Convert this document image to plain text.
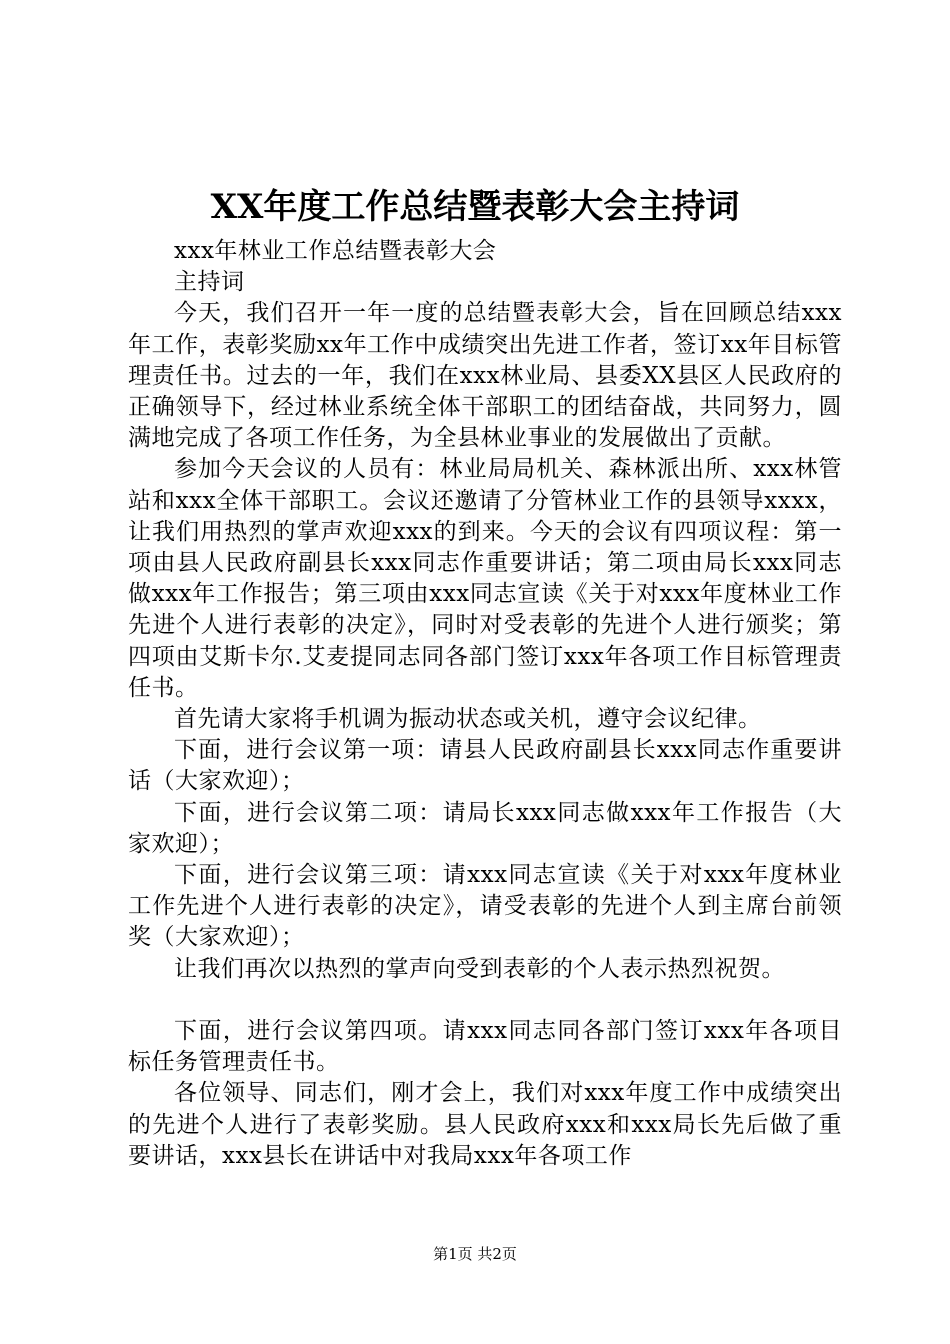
XX年度工作总结暨表彰大会主持词

xxx年林业工作总结暨表彰大会

主持词

今天，我们召开一年一度的总结暨表彰大会，旨在回顾总结xxx年工作，表彰奖励xx年工作中成绩突出先进工作者，签订xx年目标管理责任书。过去的一年，我们在xxx林业局、县委XX县区人民政府的正确领导下，经过林业系统全体干部职工的团结奋战，共同努力，圆满地完成了各项工作任务，为全县林业事业的发展做出了贡献。

参加今天会议的人员有：林业局局机关、森林派出所、xxx林管站和xxx全体干部职工。会议还邀请了分管林业工作的县领导xxxx，让我们用热烈的掌声欢迎xxx的到来。今天的会议有四项议程：第一项由县人民政府副县长xxx同志作重要讲话；第二项由局长xxx同志做xxx年工作报告；第三项由xxx同志宣读《关于对xxx年度林业工作先进个人进行表彰的决定》，同时对受表彰的先进个人进行颁奖；第四项由艾斯卡尔.艾麦提同志同各部门签订xxx年各项工作目标管理责任书。

首先请大家将手机调为振动状态或关机，遵守会议纪律。

下面，进行会议第一项：请县人民政府副县长xxx同志作重要讲话（大家欢迎）；

下面，进行会议第二项：请局长xxx同志做xxx年工作报告（大家欢迎）；

下面，进行会议第三项：请xxx同志宣读《关于对xxx年度林业工作先进个人进行表彰的决定》，请受表彰的先进个人到主席台前领奖（大家欢迎）；

让我们再次以热烈的掌声向受到表彰的个人表示热烈祝贺。

下面，进行会议第四项。请xxx同志同各部门签订xxx年各项目标任务管理责任书。

各位领导、同志们，刚才会上，我们对xxx年度工作中成绩突出的先进个人进行了表彰奖励。县人民政府xxx和xxx局长先后做了重要讲话，xxx县长在讲话中对我局xxx年各项工作

第1页 共2页
